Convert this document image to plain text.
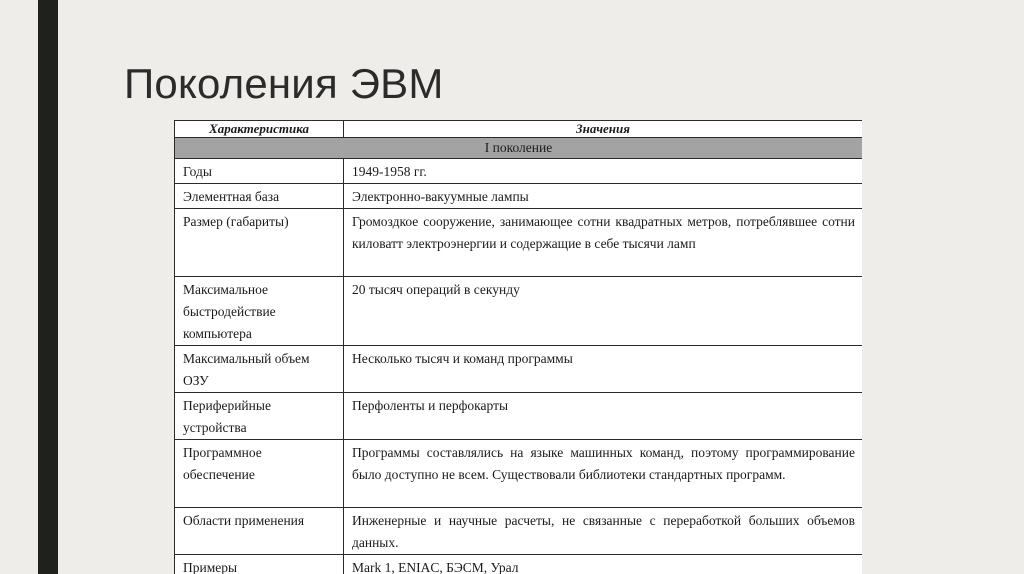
Поколения ЭВМ
Характеристика	Значения
I поколение	
Годы	1949-1958 гг.
Элементная база	Электронно-вакуумные лампы
Размер (габариты)	Громоздкое сооружение, занимающее сотни квадратных метров, потреблявшее сотни киловатт электроэнергии и содержащие в себе тысячи ламп
Максимальное быстродействие компьютера	20 тысяч операций в секунду
Максимальный объем ОЗУ	Несколько тысяч и команд программы
Периферийные устройства	Перфоленты и перфокарты
Программное обеспечение	Программы составлялись на языке машинных команд, поэтому программирование было доступно не всем. Существовали библиотеки стандартных программ.
Области применения	Инженерные и научные расчеты, не связанные с переработкой больших объемов данных.
Примеры	Mark 1, ENIAC, БЭСМ, Урал
